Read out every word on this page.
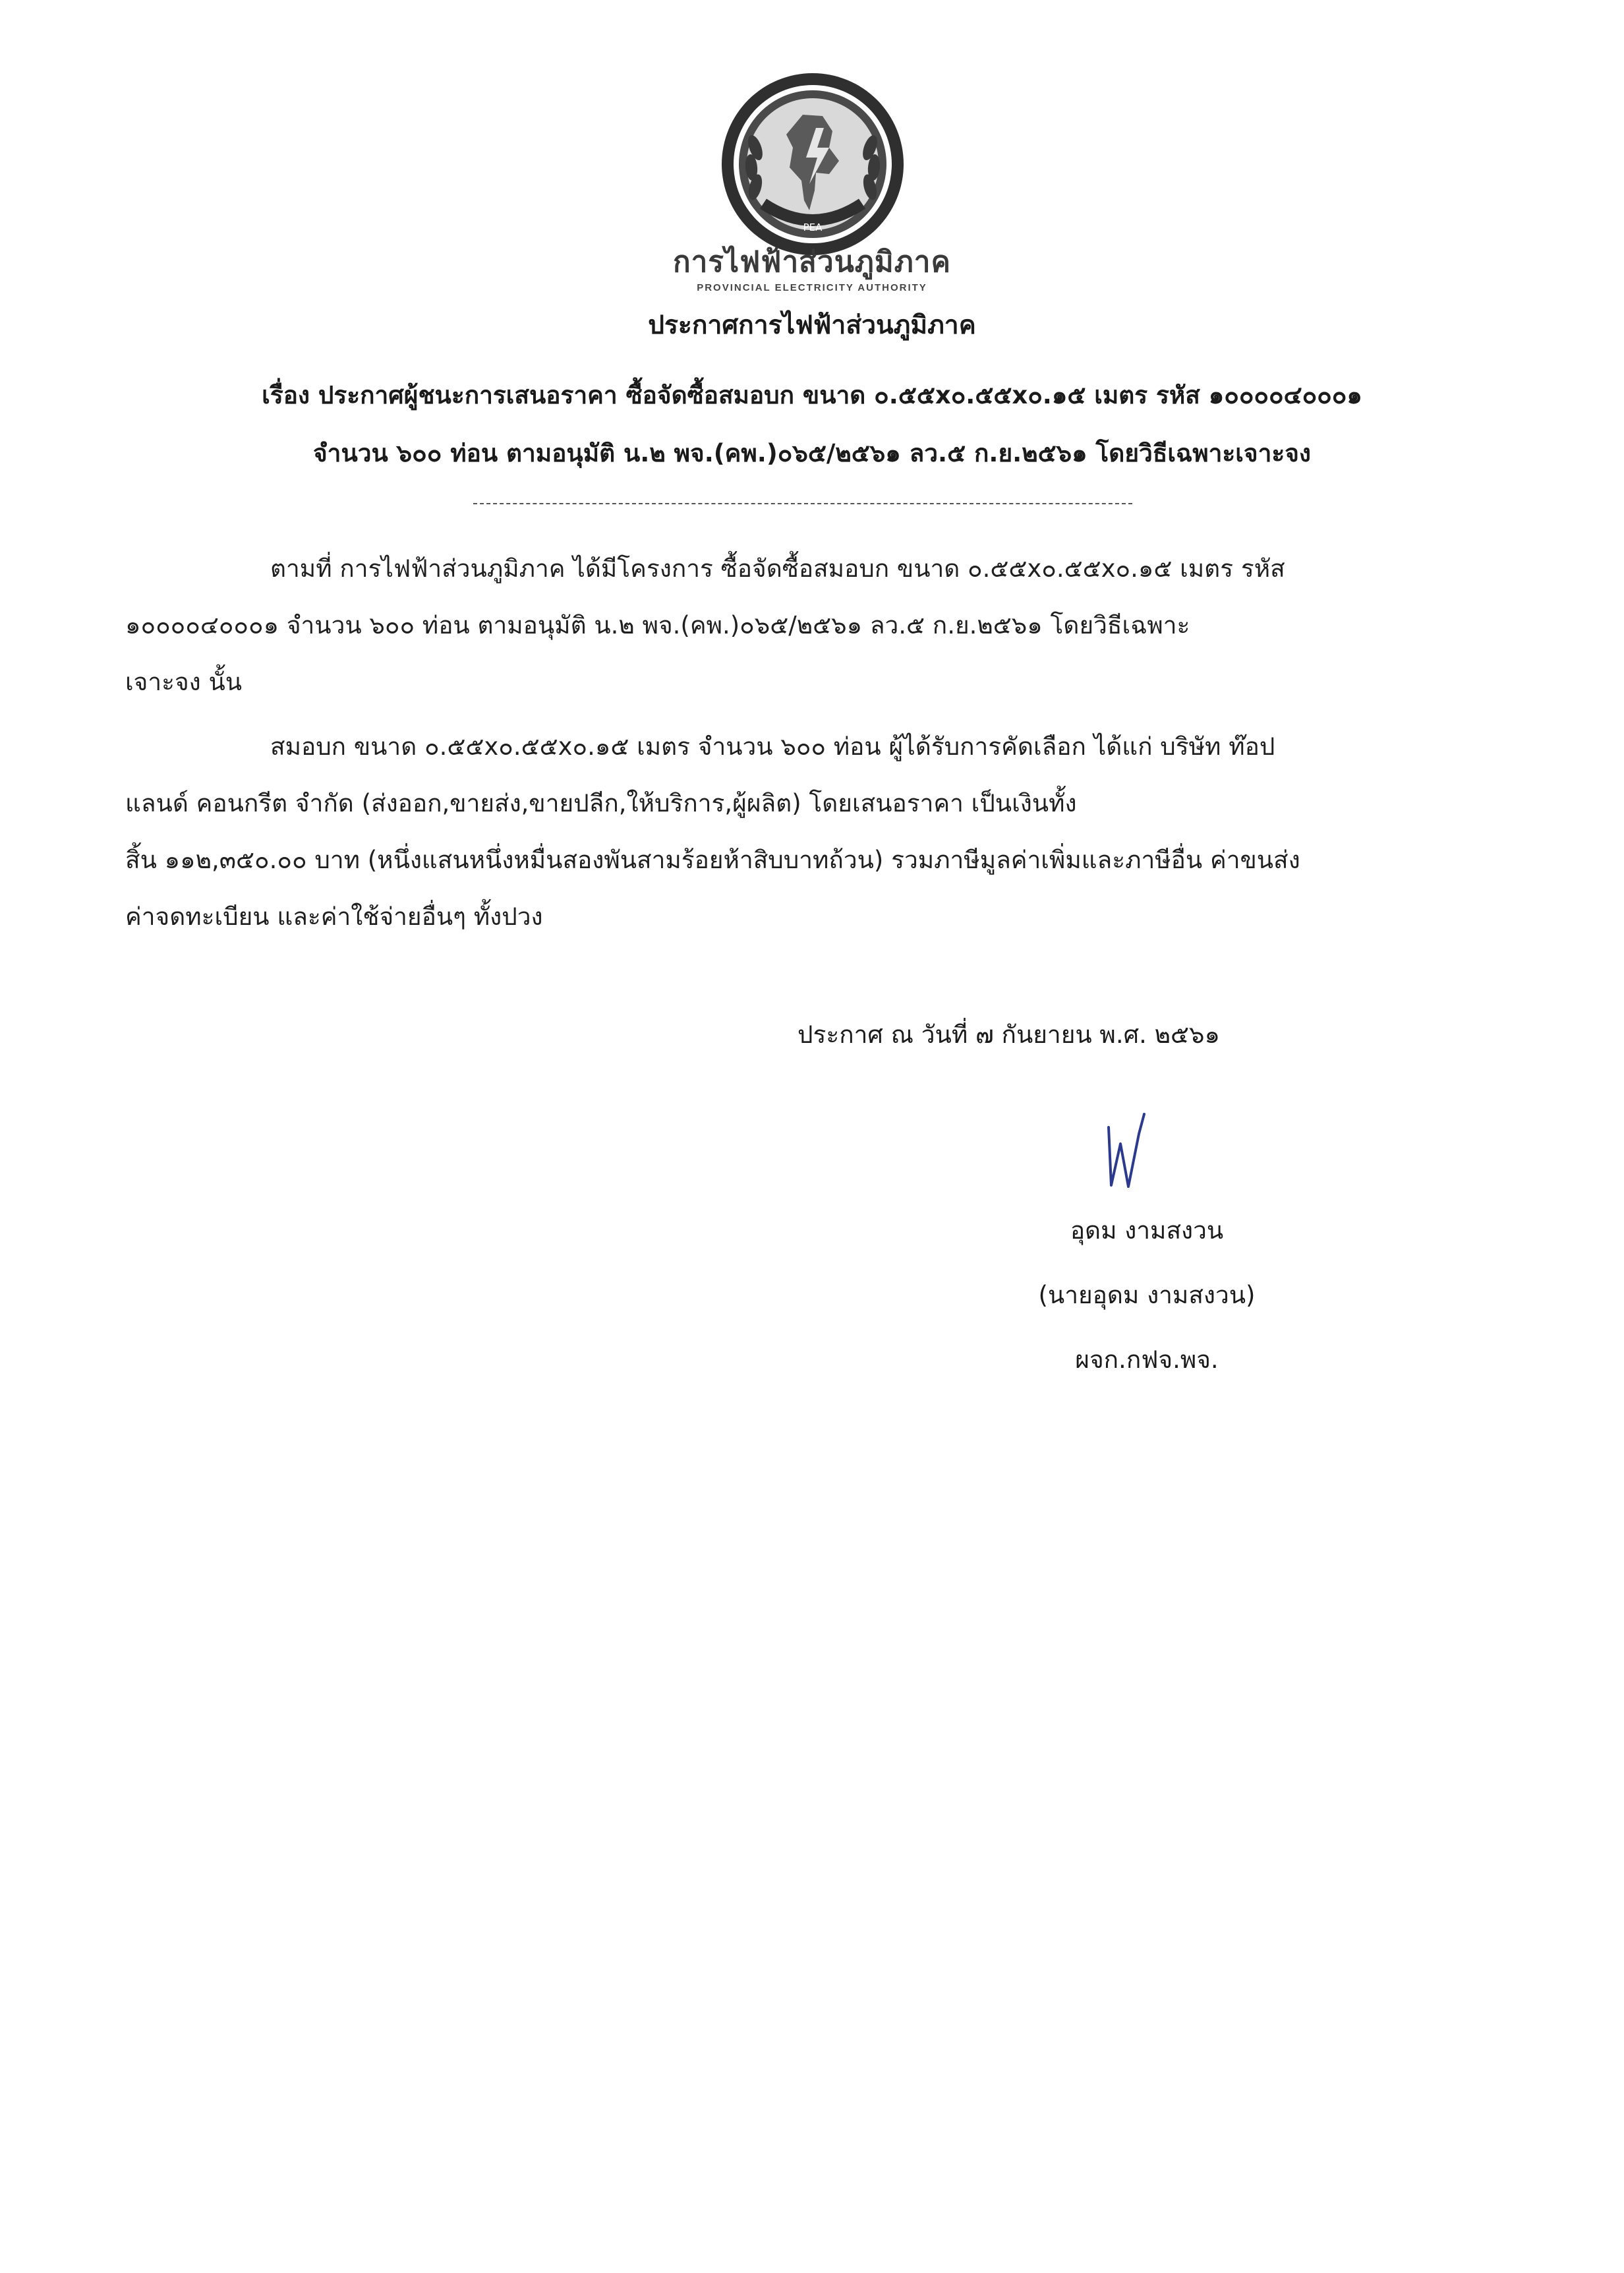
PEA
การไฟฟ้าส่วนภูมิภาค
PROVINCIAL ELECTRICITY AUTHORITY
ประกาศการไฟฟ้าส่วนภูมิภาค
เรื่อง ประกาศผู้ชนะการเสนอราคา ซื้อจัดซื้อสมอบก ขนาด ๐.๕๕x๐.๕๕x๐.๑๕ เมตร รหัส ๑๐๐๐๐๔๐๐๐๑
จำนวน ๖๐๐ ท่อน ตามอนุมัติ น.๒ พจ.(คพ.)๐๖๕/๒๕๖๑ ลว.๕ ก.ย.๒๕๖๑ โดยวิธีเฉพาะเจาะจง
ตามที่ การไฟฟ้าส่วนภูมิภาค ได้มีโครงการ ซื้อจัดซื้อสมอบก ขนาด ๐.๕๕x๐.๕๕x๐.๑๕ เมตร รหัส
๑๐๐๐๐๔๐๐๐๑ จำนวน ๖๐๐ ท่อน ตามอนุมัติ น.๒ พจ.(คพ.)๐๖๕/๒๕๖๑ ลว.๕ ก.ย.๒๕๖๑ โดยวิธีเฉพาะ
เจาะจง นั้น
สมอบก ขนาด ๐.๕๕x๐.๕๕x๐.๑๕ เมตร จำนวน ๖๐๐ ท่อน ผู้ได้รับการคัดเลือก ได้แก่ บริษัท ท๊อป
แลนด์ คอนกรีต จำกัด (ส่งออก,ขายส่ง,ขายปลีก,ให้บริการ,ผู้ผลิต) โดยเสนอราคา เป็นเงินทั้ง
สิ้น ๑๑๒,๓๕๐.๐๐ บาท (หนึ่งแสนหนึ่งหมื่นสองพันสามร้อยห้าสิบบาทถ้วน) รวมภาษีมูลค่าเพิ่มและภาษีอื่น ค่าขนส่ง
ค่าจดทะเบียน และค่าใช้จ่ายอื่นๆ ทั้งปวง
ประกาศ ณ วันที่ ๗ กันยายน พ.ศ. ๒๕๖๑
อุดม งามสงวน
(นายอุดม งามสงวน)
ผจก.กฟจ.พจ.
